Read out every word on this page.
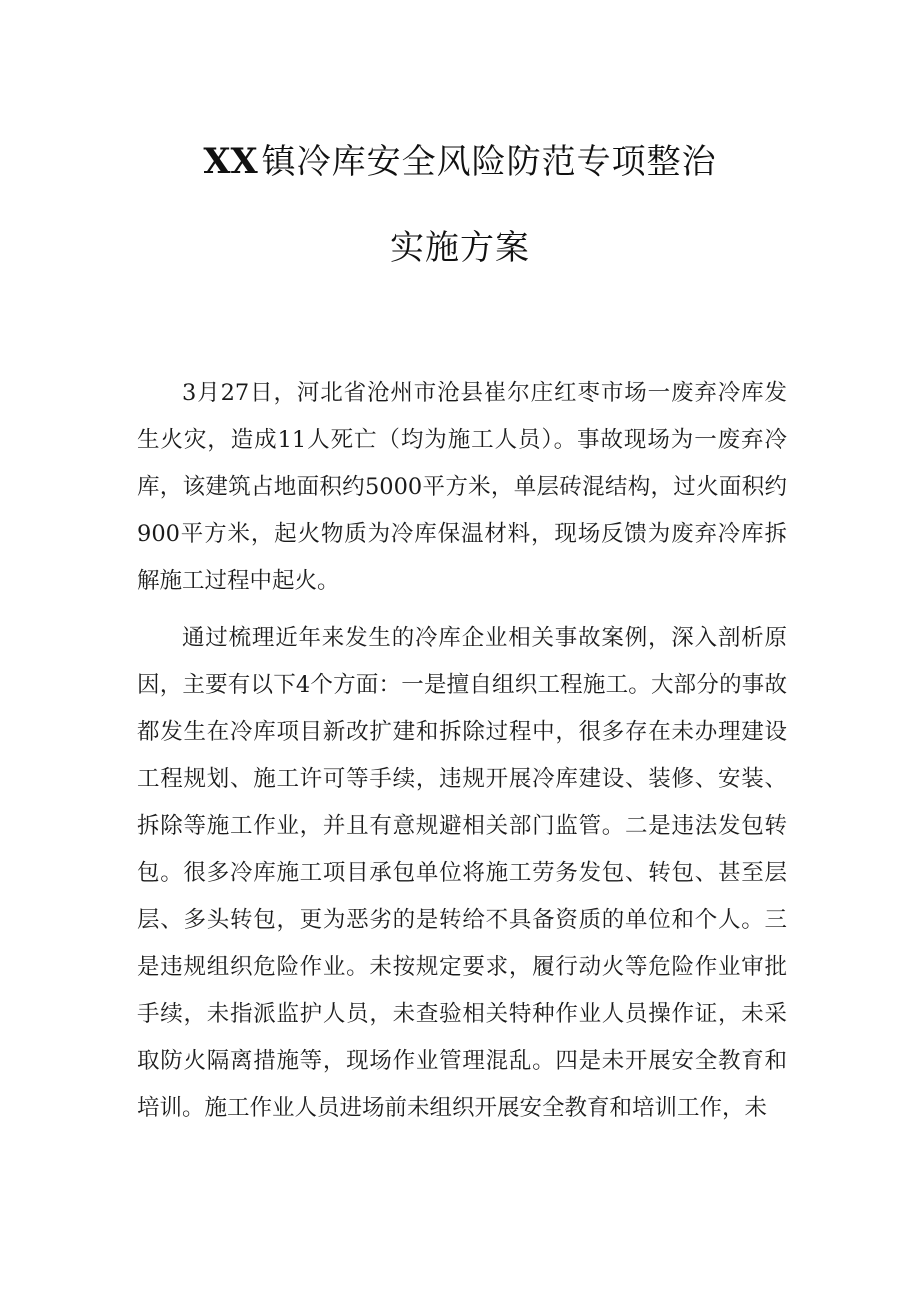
XX 镇冷库安全风险防范专项整治
实施方案

3月27日，河北省沧州市沧县崔尔庄红枣市场一废弃冷库发生火灾，造成11人死亡（均为施工人员）。事故现场为一废弃冷库，该建筑占地面积约5000平方米，单层砖混结构，过火面积约900平方米，起火物质为冷库保温材料，现场反馈为废弃冷库拆解施工过程中起火。

通过梳理近年来发生的冷库企业相关事故案例，深入剖析原因，主要有以下4个方面：一是擅自组织工程施工。大部分的事故都发生在冷库项目新改扩建和拆除过程中，很多存在未办理建设工程规划、施工许可等手续，违规开展冷库建设、装修、安装、拆除等施工作业，并且有意规避相关部门监管。二是违法发包转包。很多冷库施工项目承包单位将施工劳务发包、转包、甚至层层、多头转包，更为恶劣的是转给不具备资质的单位和个人。三是违规组织危险作业。未按规定要求，履行动火等危险作业审批手续，未指派监护人员，未查验相关特种作业人员操作证，未采取防火隔离措施等，现场作业管理混乱。四是未开展安全教育和培训。施工作业人员进场前未组织开展安全教育和培训工作，未
